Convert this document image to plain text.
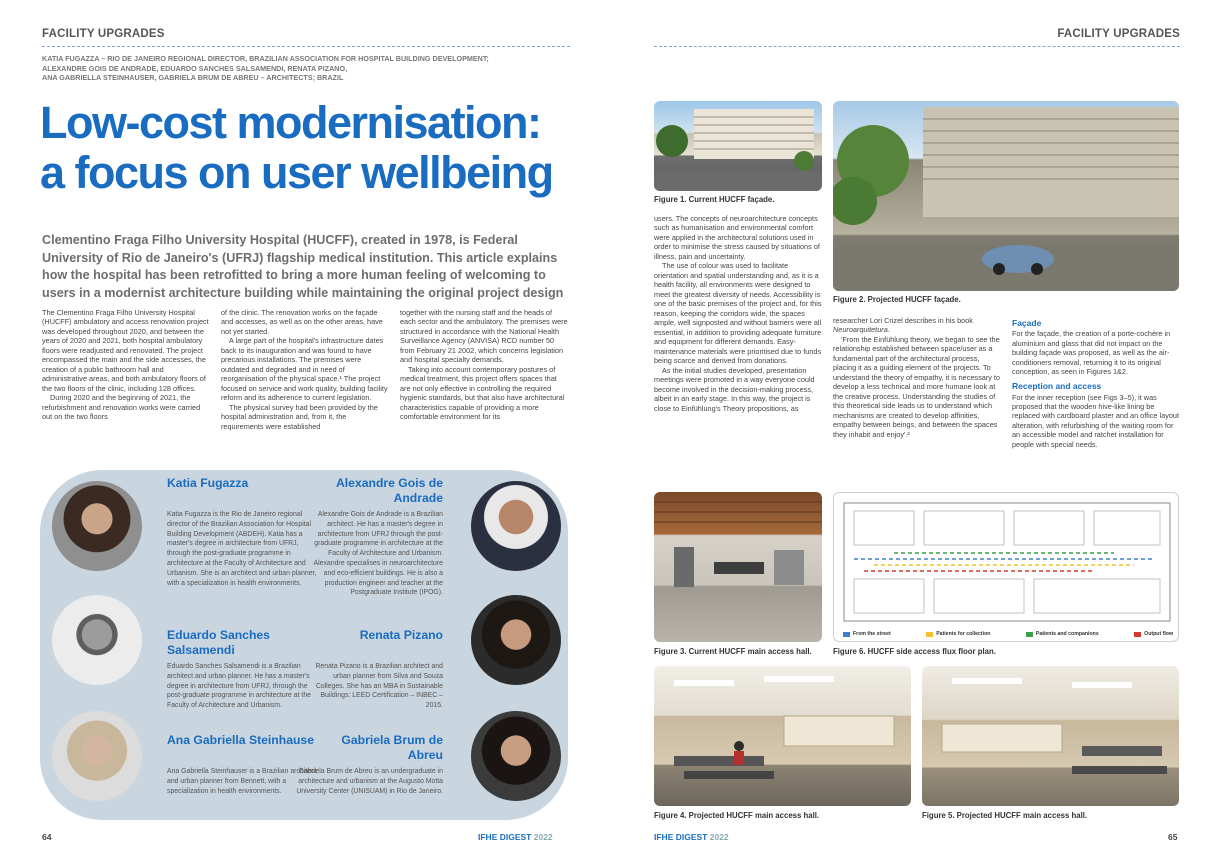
FACILITY UPGRADES
KATIA FUGAZZA – RIO DE JANEIRO REGIONAL DIRECTOR, BRAZILIAN ASSOCIATION FOR HOSPITAL BUILDING DEVELOPMENT;
ALEXANDRE GOIS DE ANDRADE, EDUARDO SANCHES SALSAMENDI, RENATA PIZANO,
ANA GABRIELLA STEINHAUSER, GABRIELA BRUM DE ABREU – ARCHITECTS; BRAZIL
Low-cost modernisation:
a focus on user wellbeing
Clementino Fraga Filho University Hospital (HUCFF), created in 1978, is Federal University of Rio de Janeiro's (UFRJ) flagship medical institution. This article explains how the hospital has been retrofitted to bring a more human feeling of welcoming to users in a modernist architecture building while maintaining the original project design

The Clementino Fraga Filho University Hospital (HUCFF) ambulatory and access renovation project was developed throughout 2020, and between the years of 2020 and 2021, both hospital ambulatory floors were readjusted and renovated. The project encompassed the main and the side accesses, the creation of a public bathroom hall and administrative areas, and both ambulatory floors of the two floors of the clinic, including 128 offices.

During 2020 and the beginning of 2021, the refurbishment and renovation works were carried out on the two floors

of the clinic. The renovation works on the façade and accesses, as well as on the other areas, have not yet started.

A large part of the hospital's infrastructure dates back to its inauguration and was found to have precarious installations. The premises were outdated and degraded and in need of reorganisation of the physical space.¹ The project focused on service and work quality, building facility reform and its adherence to current legislation.

The physical survey had been provided by the hospital administration and, from it, the requirements were established

together with the nursing staff and the heads of each sector and the ambulatory. The premises were structured in accordance with the National Health Surveillance Agency (ANVISA) RCD number 50 from February 21 2002, which concerns legislation and hospital specialty demands.

Taking into account contemporary postures of medical treatment, this project offers spaces that are not only effective in controlling the required hygienic standards, but that also have architectural characteristics capable of providing a more comfortable environment for its

Katia Fugazza
Katia Fugazza is the Rio de Janeiro regional director of the Brazilian Association for Hospital Building Development (ABDEH). Katia has a master's degree in architecture from UFRJ, through the post-graduate programme in architecture at the Faculty of Architecture and Urbanism. She is an architect and urban planner, with a specialization in health environments.
Alexandre Gois de Andrade
Alexandre Gois de Andrade is a Brazilian architect. He has a master's degree in architecture from UFRJ through the post-graduate programme in architecture at the Faculty of Architecture and Urbanism. Alexandre specialises in neuroarchitecture and eco-efficient buildings. He is also a production engineer and teacher at the Postgraduate Institute (IPOG).
Eduardo Sanches Salsamendi
Eduardo Sanches Salsamendi is a Brazilian architect and urban planner. He has a master's degree in architecture from UFRJ, through the post-graduate programme in architecture at the Faculty of Architecture and Urbanism.
Renata Pizano
Renata Pizano is a Brazilian architect and urban planner from Silva and Souza Colleges. She has an MBA in Sustainable Buildings: LEED Certification – INBEC – 2015.
Ana Gabriella Steinhause
Ana Gabriella Steinhauser is a Brazilian architect and urban planner from Bennett, with a specialization in health environments.
Gabriela Brum de Abreu
Gabriela Brum de Abreu is an undergraduate in architecture and urbanism at the Augusto Motta University Center (UNISUAM) in Rio de Janeiro.
64	IFHE DIGEST 2022
FACILITY UPGRADES
Figure 1. Current HUCFF façade.
Figure 2. Projected HUCFF façade.

users. The concepts of neuroarchitecture concepts such as humanisation and environmental comfort were applied in the architectural solutions used in order to minimise the stress caused by situations of illness, pain and uncertainty.

The use of colour was used to facilitate orientation and spatial understanding and, as it is a health facility, all environments were designed to meet the greatest diversity of needs. Accessibility is one of the basic premises of the project and, for this reason, keeping the corridors wide, the spaces ample, well signposted and without barriers were all essential, in addition to providing adequate furniture and equipment for different demands. Easy-maintenance materials were prioritised due to funds being scarce and derived from donations.

As the initial studies developed, presentation meetings were promoted in a way everyone could become involved in the decision-making process, albeit in an early stage. In this way, the project is close to Einfühlung's Theory propositions, as

researcher Lori Crizel describes in his book Neuroarquitetura.

'From the Einfühlung theory, we began to see the relationship established between space/user as a fundamental part of the architectural process, placing it as a guiding element of the projects. To understand the theory of empathy, it is necessary to develop a less technical and more humane look at the creative process. Understanding the studies of this theoretical side leads us to understand which mechanisms are created to develop affinities, empathy between beings, and between the spaces they inhabit and enjoy'.²

Façade

For the façade, the creation of a porte-cochère in aluminium and glass that did not impact on the building façade was proposed, as well as the air-conditioners removal, returning it to its original conception, as seen in Figures 1&2.

Reception and access

For the inner reception (see Figs 3–5), it was proposed that the wooden hive-like lining be replaced with cardboard plaster and an office layout alteration, with refurbishing of the waiting room for an accessible model and ratchet installation for people with special needs.

Figure 3. Current HUCFF main access hall.
From the street	Patients for collection	Patients and companions	Output flow
Figure 6. HUCFF side access flux floor plan.
Figure 4. Projected HUCFF main access hall.	Figure 5. Projected HUCFF main access hall.
IFHE DIGEST 2022	65
